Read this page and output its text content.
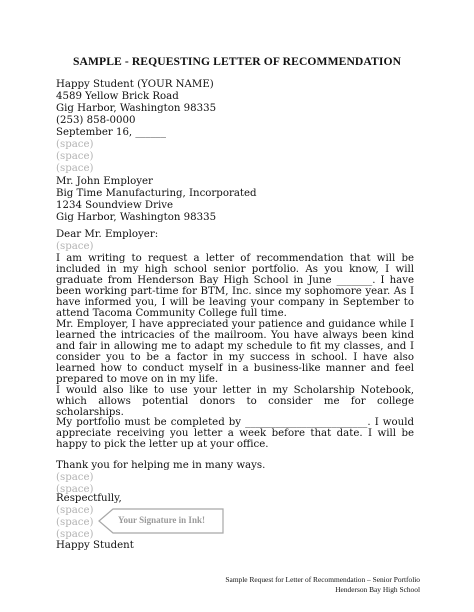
SAMPLE - REQUESTING LETTER OF RECOMMENDATION
Happy Student (YOUR NAME)
4589 Yellow Brick Road
Gig Harbor, Washington 98335
(253) 858-0000
September 16, ______
(space)
(space)
(space)
Mr. John Employer
Big Time Manufacturing, Incorporated
1234 Soundview Drive
Gig Harbor, Washington 98335
Dear Mr. Employer:
(space)
I am writing to request a letter of recommendation that will be included in my high school senior portfolio. As you know, I will graduate from Henderson Bay High School in June _______. I have been working part-time for BTM, Inc. since my sophomore year. As I have informed you, I will be leaving your company in September to attend Tacoma Community College full time.
Mr. Employer, I have appreciated your patience and guidance while I learned the intricacies of the mailroom. You have always been kind and fair in allowing me to adapt my schedule to fit my classes, and I consider you to be a factor in my success in school. I have also learned how to conduct myself in a business-like manner and feel prepared to move on in my life.
I would also like to use your letter in my Scholarship Notebook, which allows potential donors to consider me for college scholarships.
My portfolio must be completed by ________________________. I would appreciate receiving you letter a week before that date. I will be happy to pick the letter up at your office.
Thank you for helping me in many ways.
(space)
(space)
Respectfully,
(space)
(space)
(space)
Happy Student
Your Signature in Ink!
Sample Request for Letter of Recommendation – Senior Portfolio
Henderson Bay High School
